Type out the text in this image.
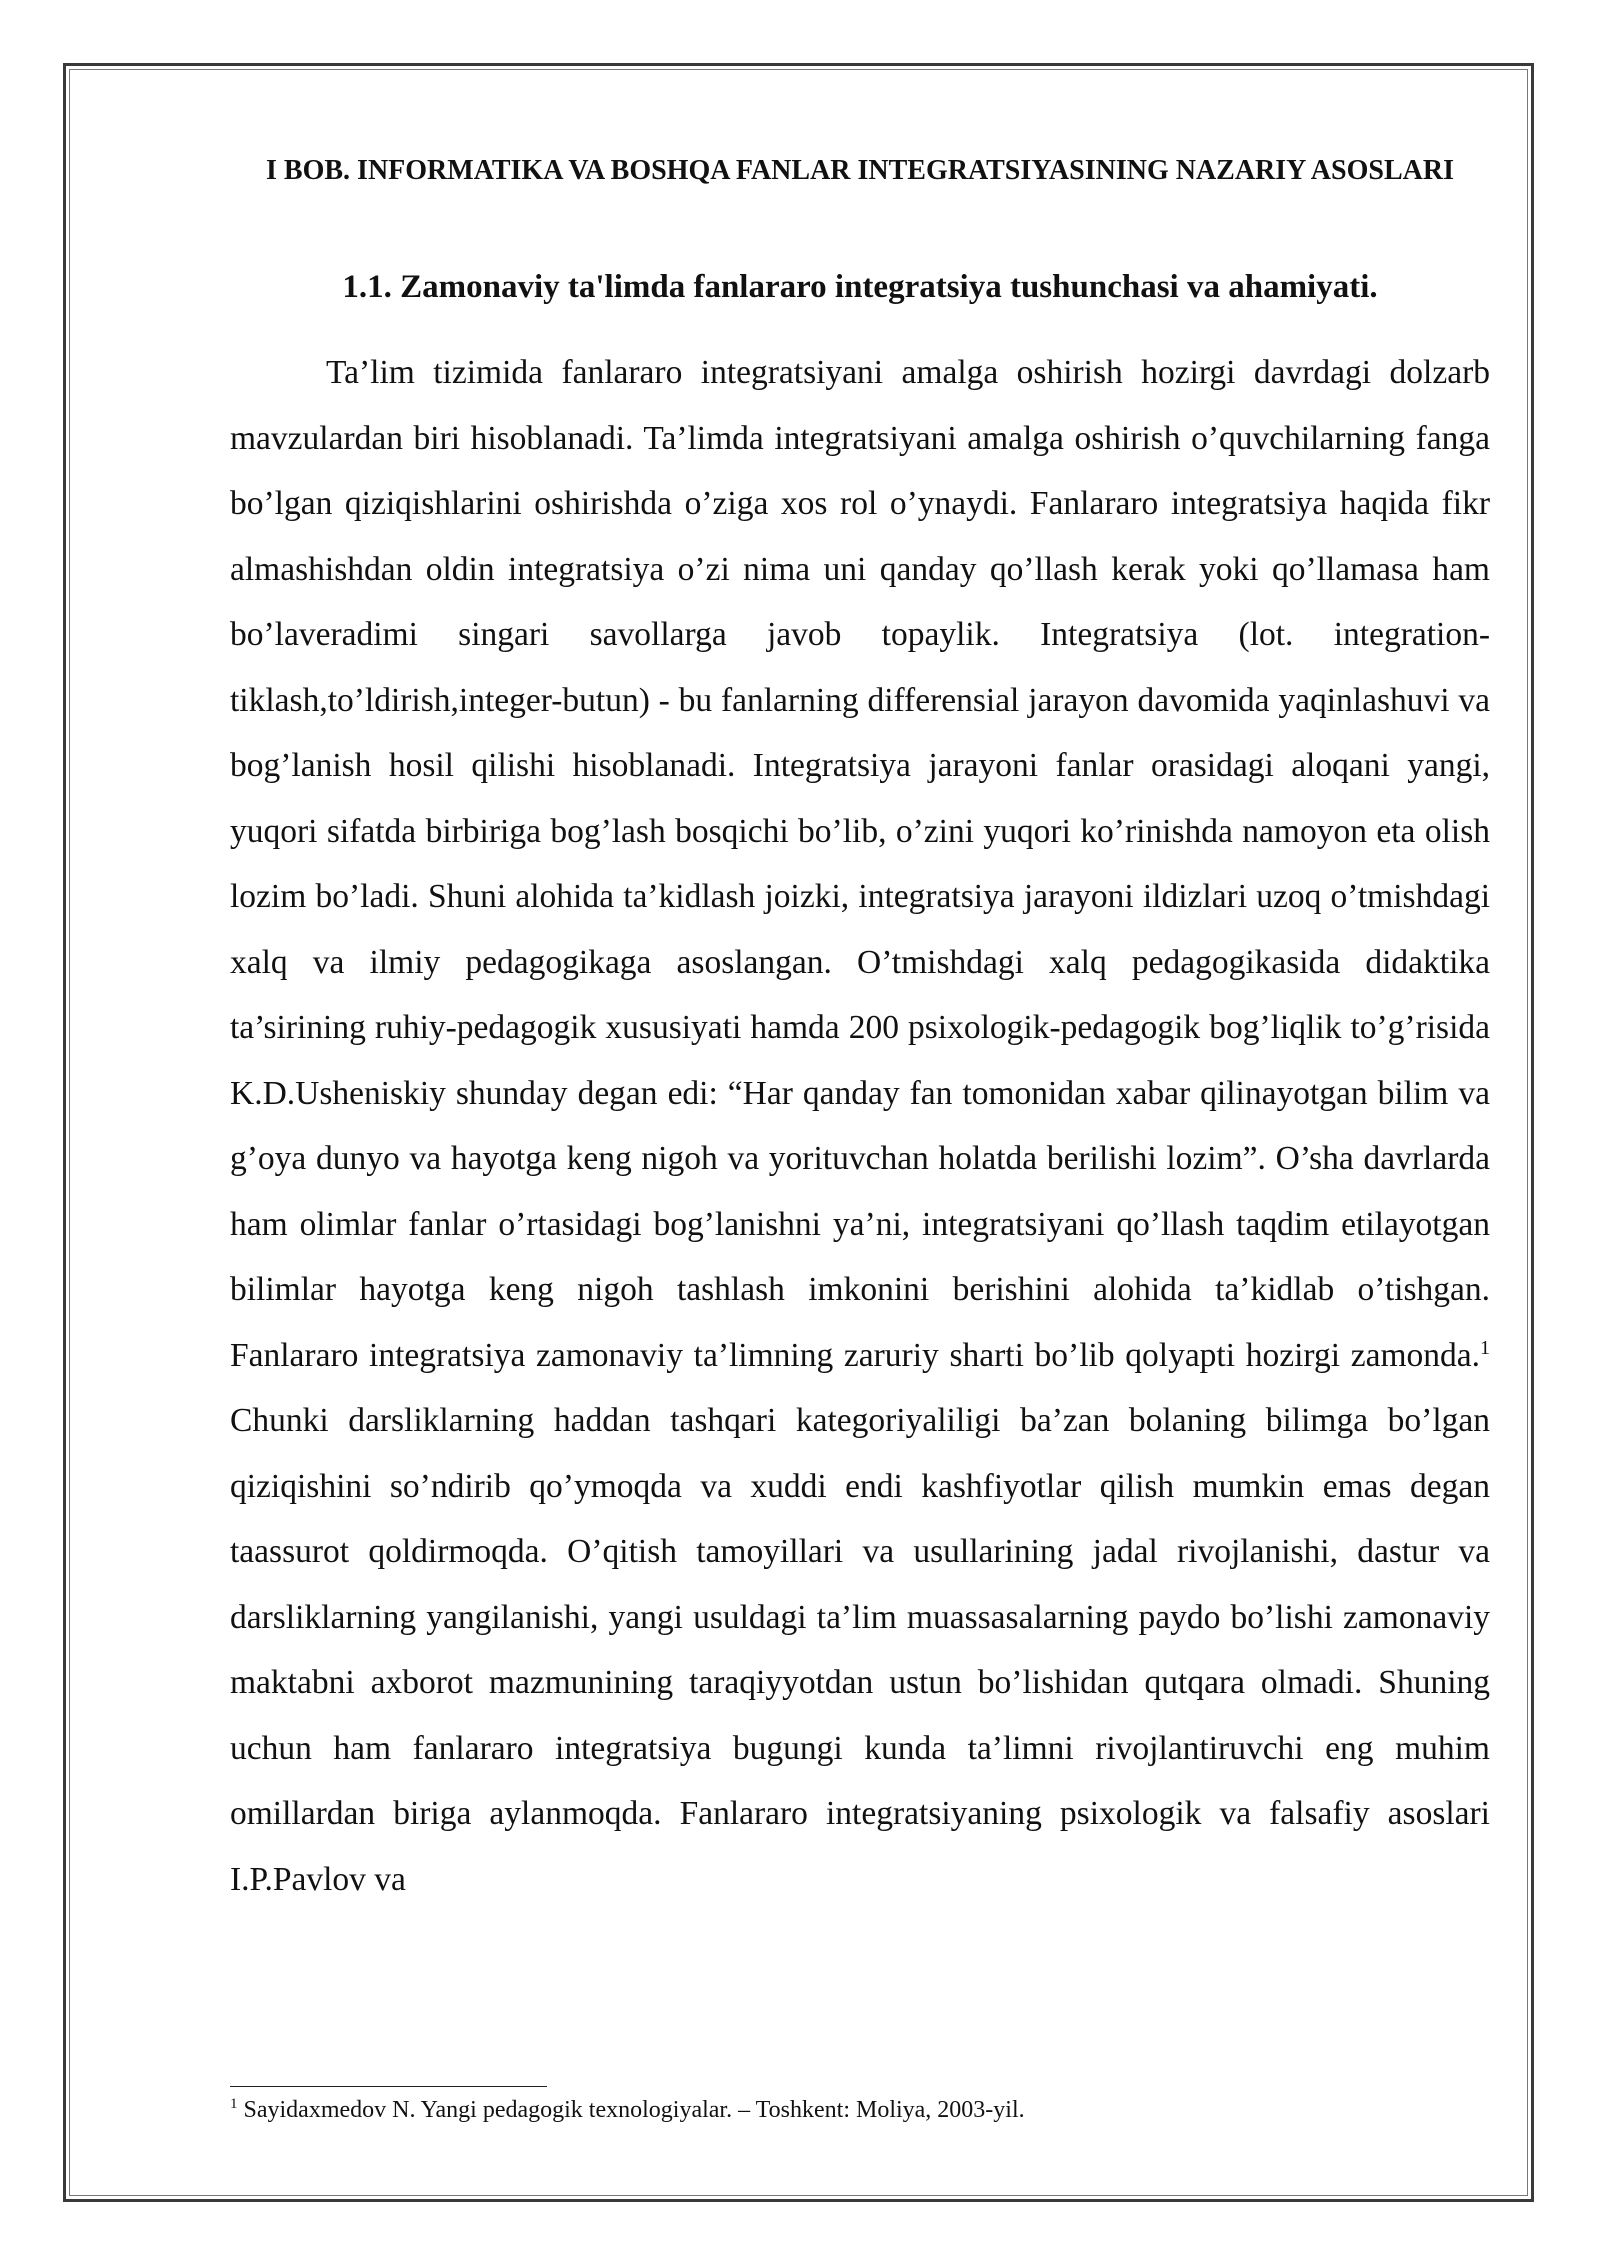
I BOB. INFORMATIKA VA BOSHQA FANLAR INTEGRATSIYASINING NAZARIY ASOSLARI
1.1. Zamonaviy ta'limda fanlararo integratsiya tushunchasi va ahamiyati.

Ta’lim tizimida fanlararo integratsiyani amalga oshirish hozirgi davrdagi dolzarb mavzulardan biri hisoblanadi. Ta’limda integratsiyani amalga oshirish o’quvchilarning fanga bo’lgan qiziqishlarini oshirishda o’ziga xos rol o’ynaydi. Fanlararo integratsiya haqida fikr almashishdan oldin integratsiya o’zi nima uni qanday qo’llash kerak yoki qo’llamasa ham bo’laveradimi singari savollarga javob topaylik. Integratsiya (lot. integration-tiklash,to’ldirish,integer-butun) - bu fanlarning differensial jarayon davomida yaqinlashuvi va bog’lanish hosil qilishi hisoblanadi. Integratsiya jarayoni fanlar orasidagi aloqani yangi, yuqori sifatda birbiriga bog’lash bosqichi bo’lib, o’zini yuqori ko’rinishda namoyon eta olish lozim bo’ladi. Shuni alohida ta’kidlash joizki, integratsiya jarayoni ildizlari uzoq o’tmishdagi xalq va ilmiy pedagogikaga asoslangan. O’tmishdagi xalq pedagogikasida didaktika ta’sirining ruhiy-pedagogik xususiyati hamda 200 psixologik-pedagogik bog’liqlik to’g’risida K.D.Usheniskiy shunday degan edi: “Har qanday fan tomonidan xabar qilinayotgan bilim va g’oya dunyo va hayotga keng nigoh va yorituvchan holatda berilishi lozim”. O’sha davrlarda ham olimlar fanlar o’rtasidagi bog’lanishni ya’ni, integratsiyani qo’llash taqdim etilayotgan bilimlar hayotga keng nigoh tashlash imkonini berishini alohida ta’kidlab o’tishgan. Fanlararo integratsiya zamonaviy ta’limning zaruriy sharti bo’lib qolyapti hozirgi zamonda.$^1$ Chunki darsliklarning haddan tashqari kategoriyaliligi ba’zan bolaning bilimga bo’lgan qiziqishini so’ndirib qo’ymoqda va xuddi endi kashfiyotlar qilish mumkin emas degan taassurot qoldirmoqda. O’qitish tamoyillari va usullarining jadal rivojlanishi, dastur va darsliklarning yangilanishi, yangi usuldagi ta’lim muassasalarning paydo bo’lishi zamonaviy maktabni axborot mazmunining taraqiyyotdan ustun bo’lishidan qutqara olmadi. Shuning uchun ham fanlararo integratsiya bugungi kunda ta’limni rivojlantiruvchi eng muhim omillardan biriga aylanmoqda. Fanlararo integratsiyaning psixologik va falsafiy asoslari I.P.Pavlov va

$^1$ Sayidaxmedov N. Yangi pedagogik texnologiyalar. – Toshkent: Moliya, 2003-yil.
